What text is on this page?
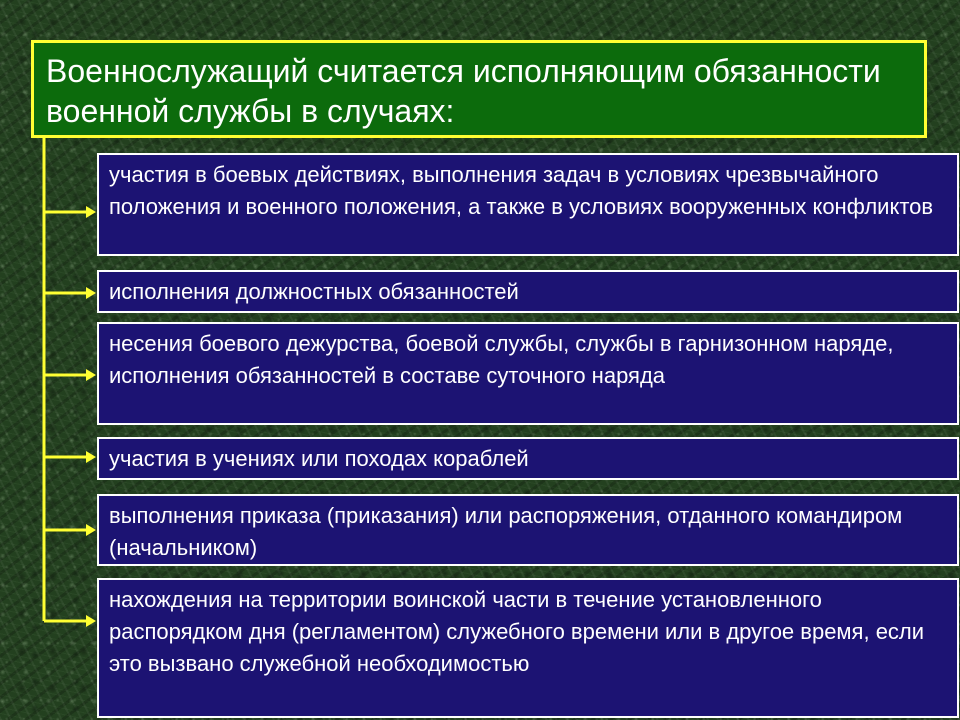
Военнослужащий считается исполняющим обязанности военной службы в случаях:
участия в боевых действиях, выполнения задач в условиях чрезвычайного положения и военного положения, а также в условиях вооруженных конфликтов
исполнения должностных обязанностей
несения боевого дежурства, боевой службы, службы в гарнизонном наряде, исполнения обязанностей в составе суточного наряда
участия в учениях или походах кораблей
выполнения приказа (приказания) или распоряжения, отданного командиром (начальником)
нахождения на территории воинской части в течение установленного распорядком дня (регламентом) служебного времени или в другое время, если это вызвано служебной необходимостью
